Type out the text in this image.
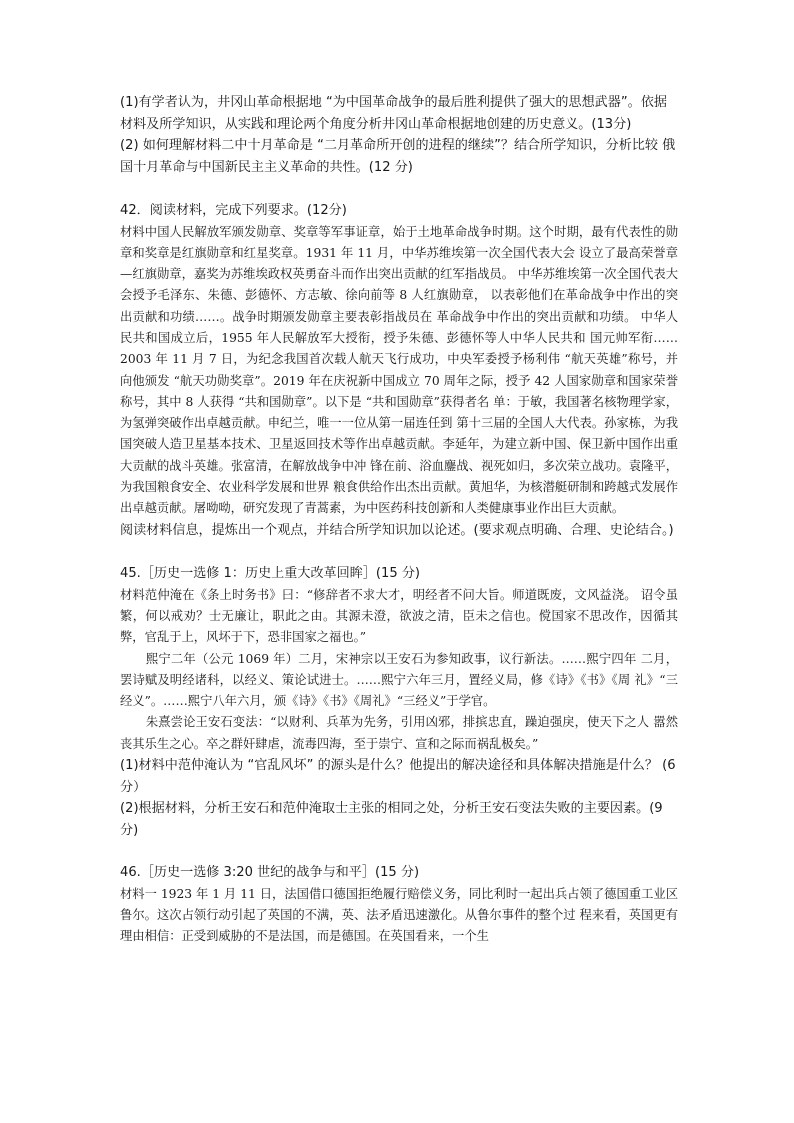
(1)有学者认为，井冈山革命根据地 “为中国革命战争的最后胜利提供了强大的思想武器”。依据材料及所学知识，从实践和理论两个角度分析井冈山革命根据地创建的历史意义。(13分)

(2) 如何理解材料二中十月革命是 “二月革命所开创的进程的继续”？结合所学知识，分析比较 俄国十月革命与中国新民主主义革命的共性。(12 分)

42．阅读材料，完成下列要求。(12分)

材料中国人民解放军颁发勋章、奖章等军事证章，始于土地革命战争时期。这个时期，最有代表性的勋章和奖章是红旗勋章和红星奖章。1931 年 11 月，中华苏维埃第一次全国代表大会 设立了最高荣誉章—红旗勋章，嘉奖为苏维埃政权英勇奋斗而作出突出贡献的红军指战员。 中华苏维埃第一次全国代表大会授予毛泽东、朱德、彭德怀、方志敏、徐向前等 8 人红旗勋章， 以表彰他们在革命战争中作出的突出贡献和功绩……。战争时期颁发勋章主要表彰指战员在 革命战争中作出的突出贡献和功绩。 中华人民共和国成立后，1955 年人民解放军大授衔，授予朱德、彭德怀等人中华人民共和 国元帅军衔……2003 年 11 月 7 日，为纪念我国首次载人航天飞行成功，中央军委授予杨利伟 “航天英雄”称号，并向他颁发 “航天功勋奖章”。2019 年在庆祝新中国成立 70 周年之际，授予 42 人国家勋章和国家荣誉称号，其中 8 人获得 “共和国勋章”。以下是 “共和国勋章”获得者名 单：于敏，我国著名核物理学家，为氢弹突破作出卓越贡献。申纪兰，唯一一位从第一届连任到 第十三届的全国人大代表。孙家栋，为我国突破人造卫星基本技术、卫星返回技术等作出卓越贡献。李延年，为建立新中国、保卫新中国作出重大贡献的战斗英雄。张富清，在解放战争中冲 锋在前、浴血鏖战、视死如归，多次荣立战功。袁隆平，为我国粮食安全、农业科学发展和世界 粮食供给作出杰出贡献。黄旭华，为核潜艇研制和跨越式发展作出卓越贡献。屠呦呦，研究发现了青蒿素，为中医药科技创新和人类健康事业作出巨大贡献。

阅读材料信息，提炼出一个观点，并结合所学知识加以论述。(要求观点明确、合理、史论结合。)

45.［历史一选修 1：历史上重大改革回眸］(15 分)

材料范仲淹在《条上时务书》曰：“修辞者不求大才，明经者不问大旨。师道既废，文风益浇。 诏令虽繁，何以戒劝？士无廉让，职此之由。其源未澄，欲波之清，臣未之信也。傥国家不思改作，因循其弊，官乱于上，风坏于下，恐非国家之福也。”

熙宁二年（公元 1069 年）二月，宋神宗以王安石为参知政事，议行新法。……熙宁四年 二月，罢诗赋及明经诸科，以经义、策论试进士。……熙宁六年三月，置经义局，修《诗》《书》《周 礼》“三经义”。……熙宁八年六月，颁《诗》《书》《周礼》“三经义”于学官。

朱熹尝论王安石变法：“以财利、兵革为先务，引用凶邪，排摈忠直，躁迫强戾，使天下之人 嚣然丧其乐生之心。卒之群奸肆虐，流毒四海，至于崇宁、宣和之际而祸乱极矣。”

(1)材料中范仲淹认为 “官乱风坏” 的源头是什么？他提出的解决途径和具体解决措施是什么？ (6 分）

(2)根据材料，分析王安石和范仲淹取士主张的相同之处，分析王安石变法失败的主要因素。(9 分)

46.［历史一选修 3:20 世纪的战争与和平］(15 分)

材料一 1923 年 1 月 11 日，法国借口德国拒绝履行赔偿义务，同比利时一起出兵占领了德国重工业区鲁尔。这次占领行动引起了英国的不满，英、法矛盾迅速激化。从鲁尔事件的整个过 程来看，英国更有理由相信：正受到威胁的不是法国，而是德国。在英国看来，一个生
